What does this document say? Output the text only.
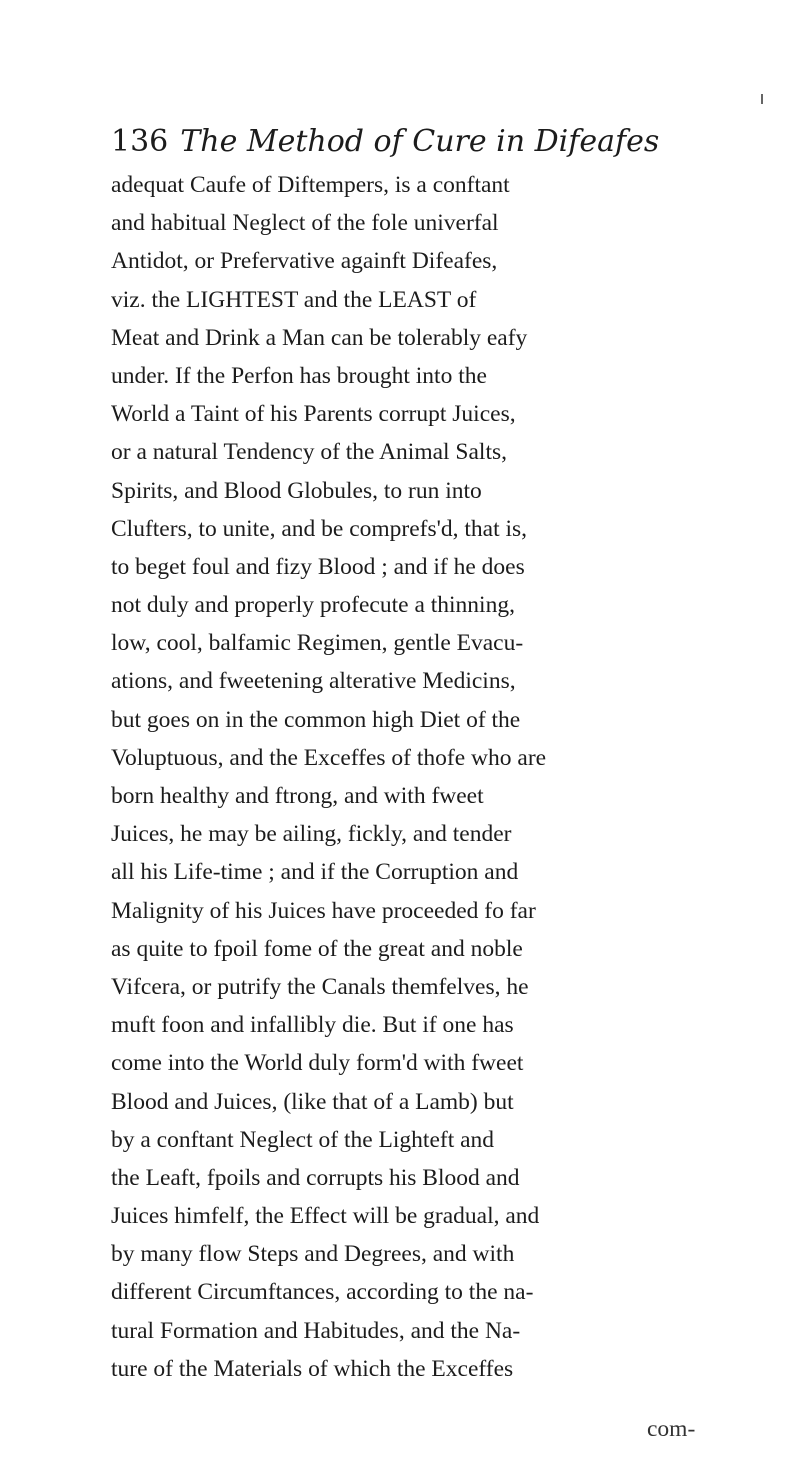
136 The Method of Cure in Difeafes
adequat Caufe of Diftempers, is a conftant
and habitual Neglect of the fole univerfal
Antidot, or Prefervative againft Difeafes,
viz. the LIGHTEST and the LEAST of
Meat and Drink a Man can be tolerably eafy
under. If the Perfon has brought into the
World a Taint of his Parents corrupt Juices,
or a natural Tendency of the Animal Salts,
Spirits, and Blood Globules, to run into
Clufters, to unite, and be comprefs'd, that is,
to beget foul and fizy Blood ; and if he does
not duly and properly profecute a thinning,
low, cool, balfamic Regimen, gentle Evacu-
ations, and fweetening alterative Medicins,
but goes on in the common high Diet of the
Voluptuous, and the Exceffes of thofe who are
born healthy and ftrong, and with fweet
Juices, he may be ailing, fickly, and tender
all his Life-time ; and if the Corruption and
Malignity of his Juices have proceeded fo far
as quite to fpoil fome of the great and noble
Vifcera, or putrify the Canals themfelves, he
muft foon and infallibly die. But if one has
come into the World duly form'd with fweet
Blood and Juices, (like that of a Lamb) but
by a conftant Neglect of the Lighteft and
the Leaft, fpoils and corrupts his Blood and
Juices himfelf, the Effect will be gradual, and
by many flow Steps and Degrees, and with
different Circumftances, according to the na-
tural Formation and Habitudes, and the Na-
ture of the Materials of which the Exceffes
com-
